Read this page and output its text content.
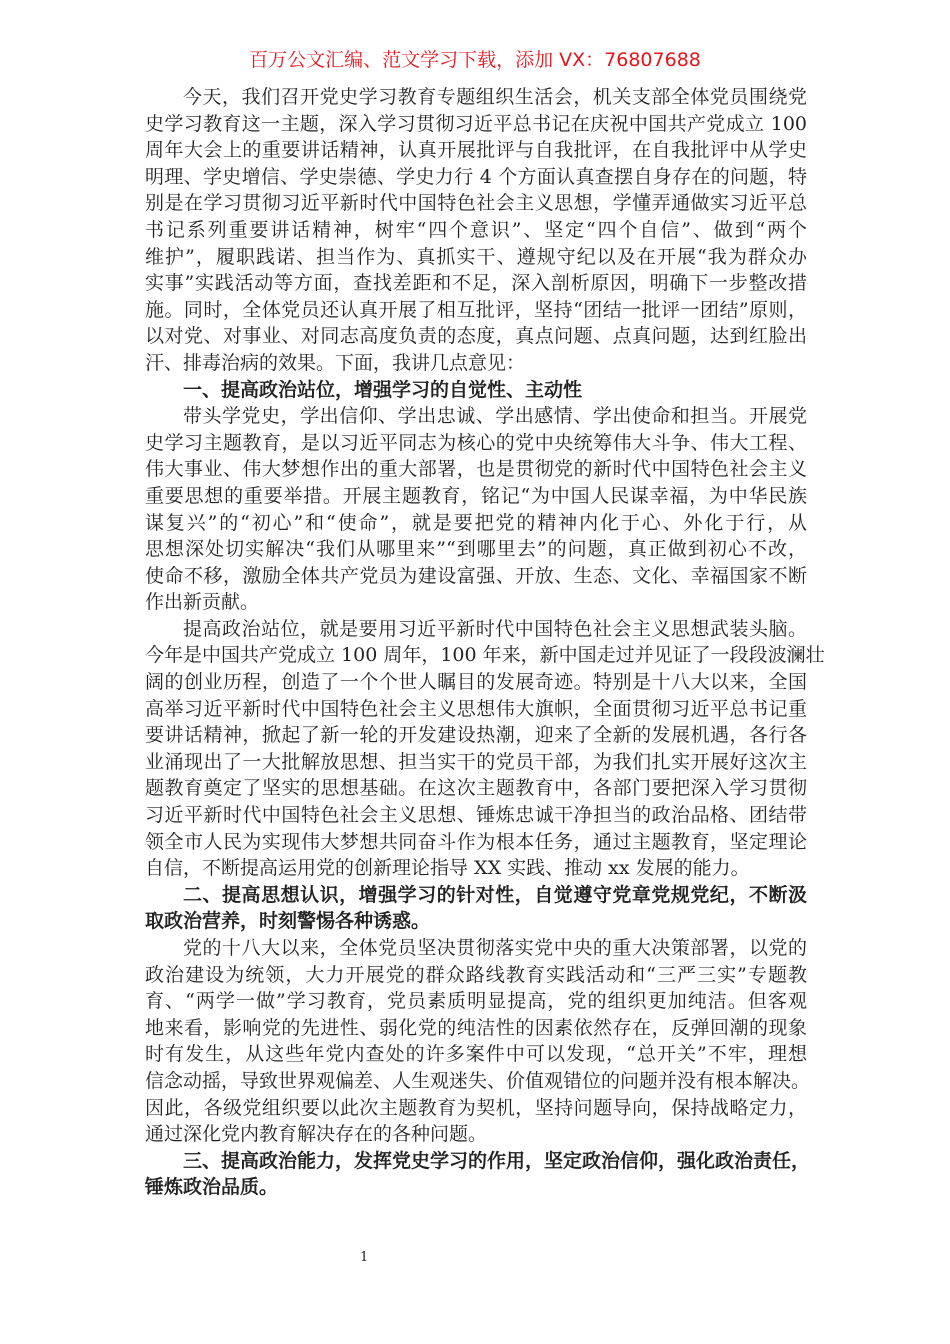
百万公文汇编、范文学习下载，添加 VX：76807688
今天，我们召开党史学习教育专题组织生活会，机关支部全体党员围绕党
史学习教育这一主题，深入学习贯彻习近平总书记在庆祝中国共产党成立 100
周年大会上的重要讲话精神，认真开展批评与自我批评，在自我批评中从学史
明理、学史增信、学史崇德、学史力行 4 个方面认真查摆自身存在的问题，特
别是在学习贯彻习近平新时代中国特色社会主义思想，学懂弄通做实习近平总
书记系列重要讲话精神，树牢“四个意识”、坚定“四个自信”、做到“两个
维护”，履职践诺、担当作为、真抓实干、遵规守纪以及在开展“我为群众办
实事”实践活动等方面，查找差距和不足，深入剖析原因，明确下一步整改措
施。同时，全体党员还认真开展了相互批评，坚持“团结一批评一团结”原则，
以对党、对事业、对同志高度负责的态度，真点问题、点真问题，达到红脸出
汗、排毒治病的效果。下面，我讲几点意见：
一、提高政治站位，增强学习的自觉性、主动性
带头学党史，学出信仰、学出忠诚、学出感情、学出使命和担当。开展党
史学习主题教育，是以习近平同志为核心的党中央统筹伟大斗争、伟大工程、
伟大事业、伟大梦想作出的重大部署，也是贯彻党的新时代中国特色社会主义
重要思想的重要举措。开展主题教育，铭记“为中国人民谋幸福，为中华民族
谋复兴”的“初心”和“使命”，就是要把党的精神内化于心、外化于行，从
思想深处切实解决“我们从哪里来”“到哪里去”的问题，真正做到初心不改，
使命不移，激励全体共产党员为建设富强、开放、生态、文化、幸福国家不断
作出新贡献。
提高政治站位，就是要用习近平新时代中国特色社会主义思想武装头脑。
今年是中国共产党成立 100 周年，100 年来，新中国走过并见证了一段段波澜壮
阔的创业历程，创造了一个个世人瞩目的发展奇迹。特别是十八大以来，全国
高举习近平新时代中国特色社会主义思想伟大旗帜，全面贯彻习近平总书记重
要讲话精神，掀起了新一轮的开发建设热潮，迎来了全新的发展机遇，各行各
业涌现出了一大批解放思想、担当实干的党员干部，为我们扎实开展好这次主
题教育奠定了坚实的思想基础。在这次主题教育中，各部门要把深入学习贯彻
习近平新时代中国特色社会主义思想、锤炼忠诚干净担当的政治品格、团结带
领全市人民为实现伟大梦想共同奋斗作为根本任务，通过主题教育，坚定理论
自信，不断提高运用党的创新理论指导 XX 实践、推动 xx 发展的能力。
二、提高思想认识，增强学习的针对性，自觉遵守党章党规党纪，不断汲
取政治营养，时刻警惕各种诱惑。
党的十八大以来，全体党员坚决贯彻落实党中央的重大决策部署，以党的
政治建设为统领，大力开展党的群众路线教育实践活动和“三严三实”专题教
育、“两学一做”学习教育，党员素质明显提高，党的组织更加纯洁。但客观
地来看，影响党的先进性、弱化党的纯洁性的因素依然存在，反弹回潮的现象
时有发生，从这些年党内查处的许多案件中可以发现，“总开关”不牢，理想
信念动摇，导致世界观偏差、人生观迷失、价值观错位的问题并没有根本解决。
因此，各级党组织要以此次主题教育为契机，坚持问题导向，保持战略定力，
通过深化党内教育解决存在的各种问题。
三、提高政治能力，发挥党史学习的作用，坚定政治信仰，强化政治责任，
锤炼政治品质。
1
